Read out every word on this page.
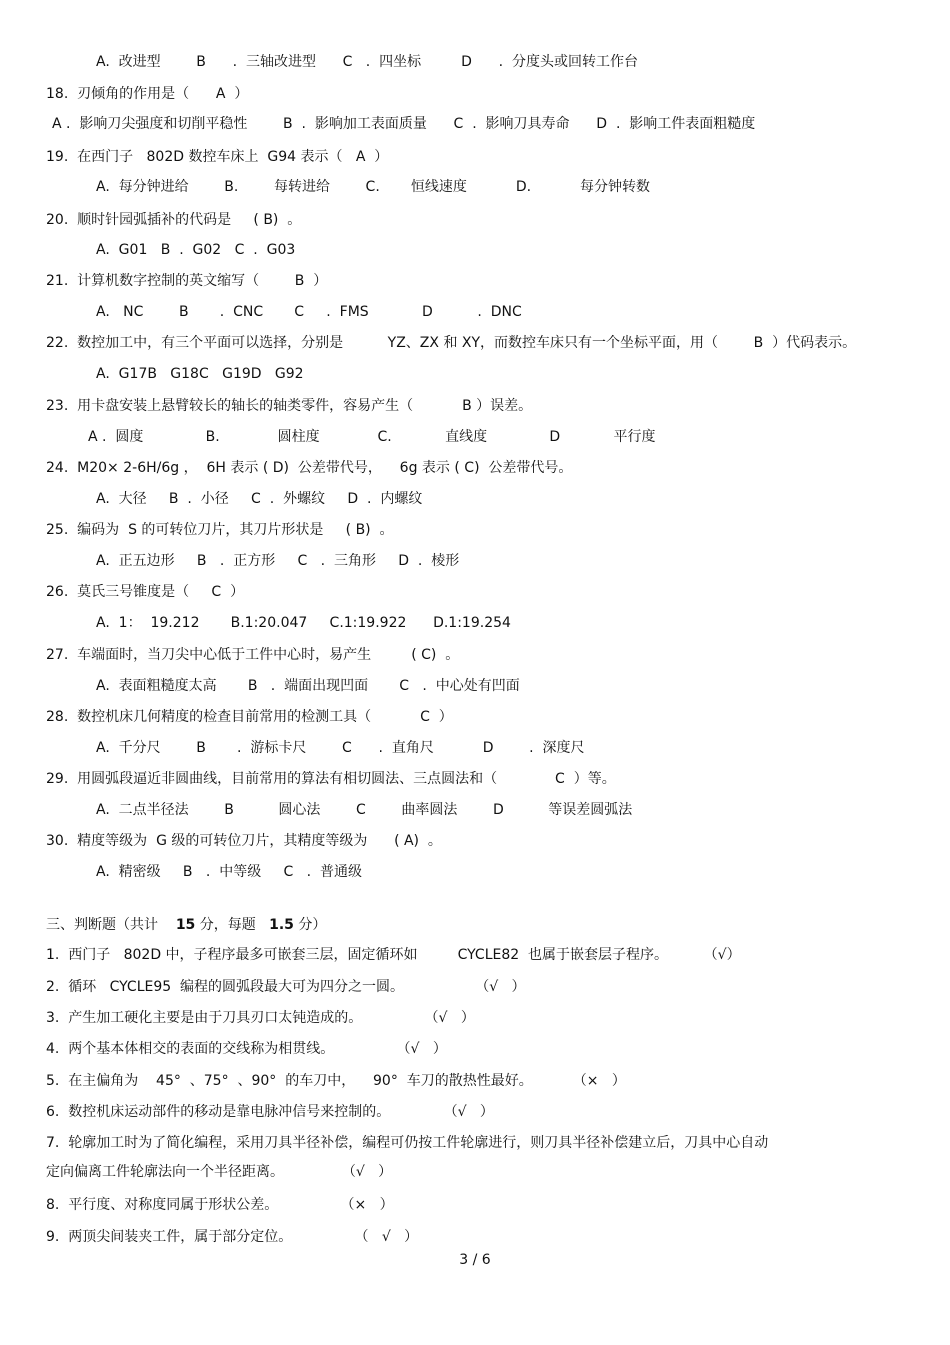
A.  改进型        B      .  三轴改进型      C   .  四坐标         D      .  分度头或回转工作台
18.  刃倾角的作用是（      A  ）
A .  影响刀尖强度和切削平稳性        B  .  影响加工表面质量      C  .  影响刀具寿命      D  .  影响工件表面粗糙度
19.  在西门子   802D 数控车床上  G94 表示（   A  ）
A.  每分钟进给        B.        每转进给        C.       恒线速度           D.           每分钟转数
20.  顺时针园弧插补的代码是     ( B)  。
A.  G01   B  .  G02   C  .  G03
21.  计算机数字控制的英文缩写（        B  ）
A.   NC        B       .  CNC       C     .  FMS            D          .  DNC
22.  数控加工中，有三个平面可以选择，分别是          YZ、ZX 和 XY，而数控车床只有一个坐标平面，用（        B  ）代码表示。
A.  G17B   G18C   G19D   G92
23.  用卡盘安装上悬臂较长的轴长的轴类零件，容易产生（           B ）误差。
A .  圆度              B.             圆柱度             C.            直线度              D            平行度
24.  M20× 2-6H/6g ，  6H 表示 ( D)  公差带代号，    6g 表示 ( C)  公差带代号。
A.  大径     B  .  小径     C  .  外螺纹     D  .  内螺纹
25.  编码为  S 的可转位刀片，其刀片形状是     ( B)  。
A.  正五边形     B   .  正方形     C   .  三角形     D  .  棱形
26.  莫氏三号锥度是（     C  ）
A.  1：  19.212       B.1:20.047     C.1:19.922      D.1:19.254
27.  车端面时，当刀尖中心低于工件中心时，易产生         ( C)  。
A.  表面粗糙度太高       B   .  端面出现凹面       C   .  中心处有凹面
28.  数控机床几何精度的检查目前常用的检测工具（           C  ）
A.  千分尺        B       .  游标卡尺        C      .  直角尺           D        .  深度尺
29.  用圆弧段逼近非圆曲线，目前常用的算法有相切圆法、三点圆法和（             C  ）等。
A.  二点半径法        B          圆心法        C        曲率圆法        D          等误差圆弧法
30.  精度等级为  G 级的可转位刀片，其精度等级为      ( A)  。
A.  精密级     B   .  中等级     C   .  普通级
三、判断题（共计    15 分，每题   1.5 分）
1.  西门子   802D 中，子程序最多可嵌套三层，固定循环如         CYCLE82  也属于嵌套层子程序。        （√）
2.  循环   CYCLE95  编程的圆弧段最大可为四分之一圆。                （√   ）
3.  产生加工硬化主要是由于刀具刃口太钝造成的。              （√   ）
4.  两个基本体相交的表面的交线称为相贯线。              （√   ）
5.  在主偏角为    45°  、75°  、90°  的车刀中，    90°  车刀的散热性最好。         （×   ）
6.  数控机床运动部件的移动是靠电脉冲信号来控制的。            （√   ）
7.  轮廓加工时为了简化编程，采用刀具半径补偿，编程可仍按工件轮廓进行，则刀具半径补偿建立后，刀具中心自动
定向偏离工件轮廓法向一个半径距离。             （√   ）
8.  平行度、对称度同属于形状公差。              （×   ）
9.  两顶尖间装夹工件，属于部分定位。              （   √   ）
3 / 6
